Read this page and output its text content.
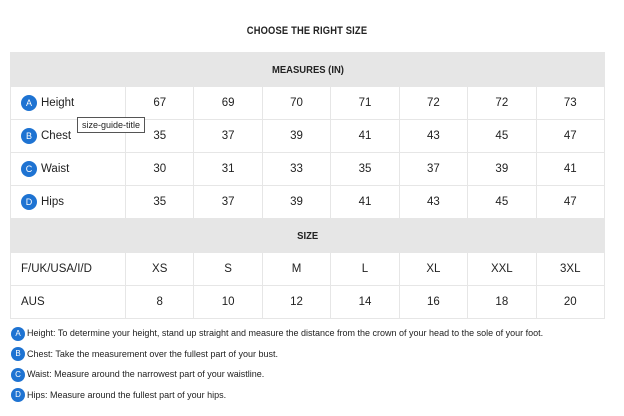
CHOOSE THE RIGHT SIZE
MEASURES (IN)							
A Height	67	69	70	71	72	72	73
B Chest	35	37	39	41	43	45	47
C Waist	30	31	33	35	37	39	41
D Hips	35	37	39	41	43	45	47
SIZE							
F/UK/USA/I/D	XS	S	M	L	XL	XXL	3XL
AUS	8	10	12	14	16	18	20
size-guide-title
A Height: To determine your height, stand up straight and measure the distance from the crown of your head to the sole of your foot.
B Chest: Take the measurement over the fullest part of your bust.
C Waist: Measure around the narrowest part of your waistline.
D Hips: Measure around the fullest part of your hips.
